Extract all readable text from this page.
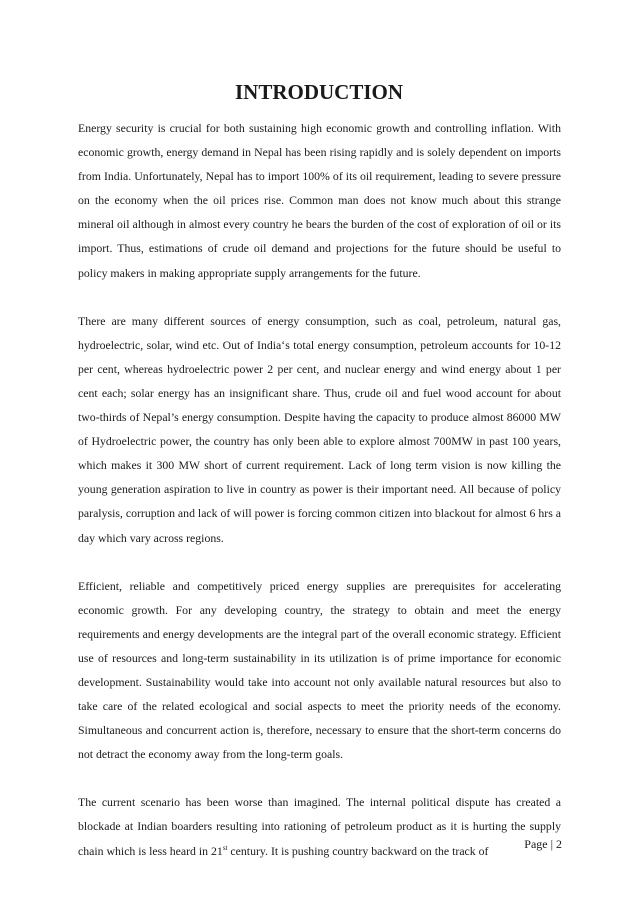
INTRODUCTION

Energy security is crucial for both sustaining high economic growth and controlling inflation. With economic growth, energy demand in Nepal has been rising rapidly and is solely dependent on imports from India. Unfortunately, Nepal has to import 100% of its oil requirement, leading to severe pressure on the economy when the oil prices rise. Common man does not know much about this strange mineral oil although in almost every country he bears the burden of the cost of exploration of oil or its import. Thus, estimations of crude oil demand and projections for the future should be useful to policy makers in making appropriate supply arrangements for the future.

There are many different sources of energy consumption, such as coal, petroleum, natural gas, hydroelectric, solar, wind etc. Out of India‘s total energy consumption, petroleum accounts for 10-12 per cent, whereas hydroelectric power 2 per cent, and nuclear energy and wind energy about 1 per cent each; solar energy has an insignificant share. Thus, crude oil and fuel wood account for about two-thirds of Nepal’s energy consumption. Despite having the capacity to produce almost 86000 MW of Hydroelectric power, the country has only been able to explore almost 700MW in past 100 years, which makes it 300 MW short of current requirement. Lack of long term vision is now killing the young generation aspiration to live in country as power is their important need. All because of policy paralysis, corruption and lack of will power is forcing common citizen into blackout for almost 6 hrs a day which vary across regions.

Efficient, reliable and competitively priced energy supplies are prerequisites for accelerating economic growth. For any developing country, the strategy to obtain and meet the energy requirements and energy developments are the integral part of the overall economic strategy. Efficient use of resources and long-term sustainability in its utilization is of prime importance for economic development. Sustainability would take into account not only available natural resources but also to take care of the related ecological and social aspects to meet the priority needs of the economy. Simultaneous and concurrent action is, therefore, necessary to ensure that the short-term concerns do not detract the economy away from the long-term goals.

The current scenario has been worse than imagined. The internal political dispute has created a blockade at Indian boarders resulting into rationing of petroleum product as it is hurting the supply chain which is less heard in 21st century. It is pushing country backward on the track of	Page | 2
